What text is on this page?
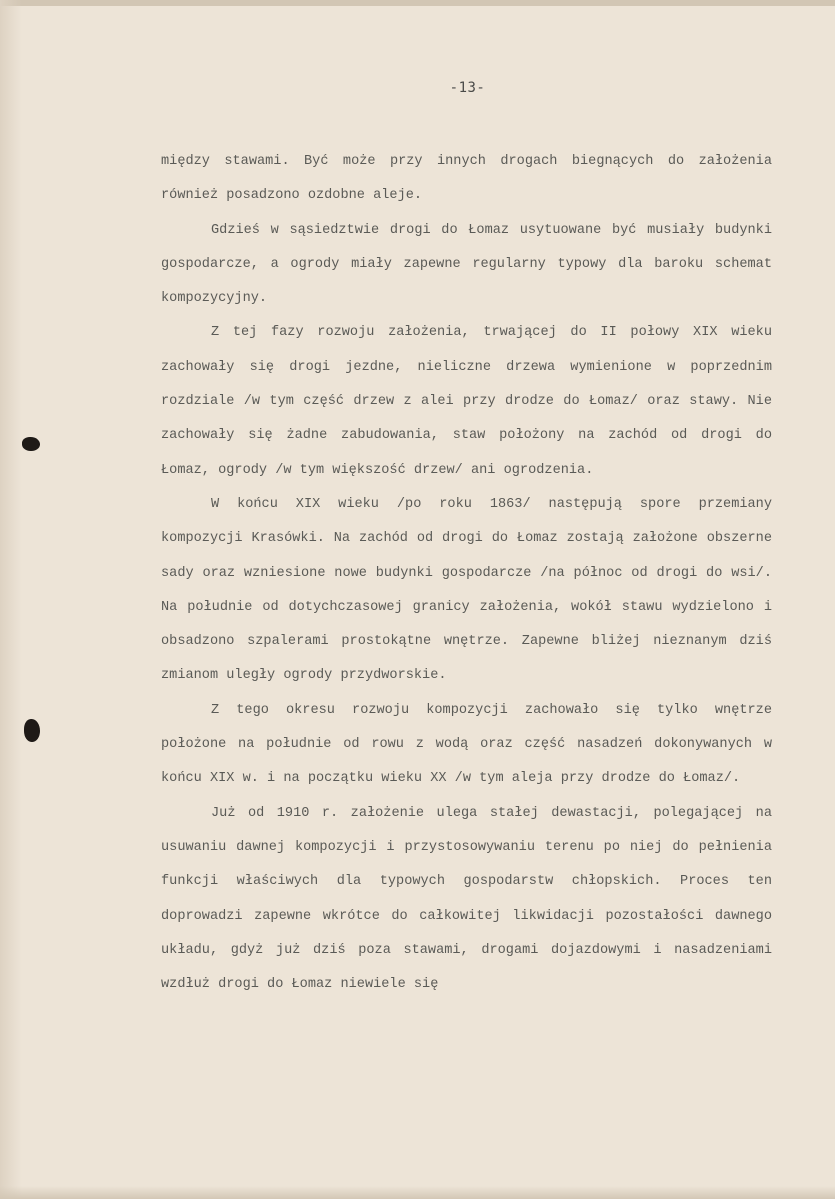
-13-

między stawami. Być może przy innych drogach biegnących do założenia również posadzono ozdobne aleje.

Gdzieś w sąsiedztwie drogi do Łomaz usytuowane być musiały budynki gospodarcze, a ogrody miały zapewne regularny typowy dla baroku schemat kompozycyjny.

Z tej fazy rozwoju założenia, trwającej do II połowy XIX wieku zachowały się drogi jezdne, nieliczne drzewa wymienione w poprzednim rozdziale /w tym część drzew z alei przy drodze do Łomaz/ oraz stawy. Nie zachowały się żadne zabudowania, staw położony na zachód od drogi do Łomaz, ogrody /w tym większość drzew/ ani ogrodzenia.

W końcu XIX wieku /po roku 1863/ następują spore przemiany kompozycji Krasówki. Na zachód od drogi do Łomaz zostają założone obszerne sady oraz wzniesione nowe budynki gospodarcze /na północ od drogi do wsi/. Na południe od dotychczasowej granicy założenia, wokół stawu wydzielono i obsadzono szpalerami prostokątne wnętrze. Zapewne bliżej nieznanym dziś zmianom uległy ogrody przydworskie.

Z tego okresu rozwoju kompozycji zachowało się tylko wnętrze położone na południe od rowu z wodą oraz część nasadzeń dokonywanych w końcu XIX w. i na początku wieku XX /w tym aleja przy drodze do Łomaz/.

Już od 1910 r. założenie ulega stałej dewastacji, polegającej na usuwaniu dawnej kompozycji i przystosowywaniu terenu po niej do pełnienia funkcji właściwych dla typowych gospodarstw chłopskich. Proces ten doprowadzi zapewne wkrótce do całkowitej likwidacji pozostałości dawnego układu, gdyż już dziś poza stawami, drogami dojazdowymi i nasadzeniami wzdłuż drogi do Łomaz niewiele się
